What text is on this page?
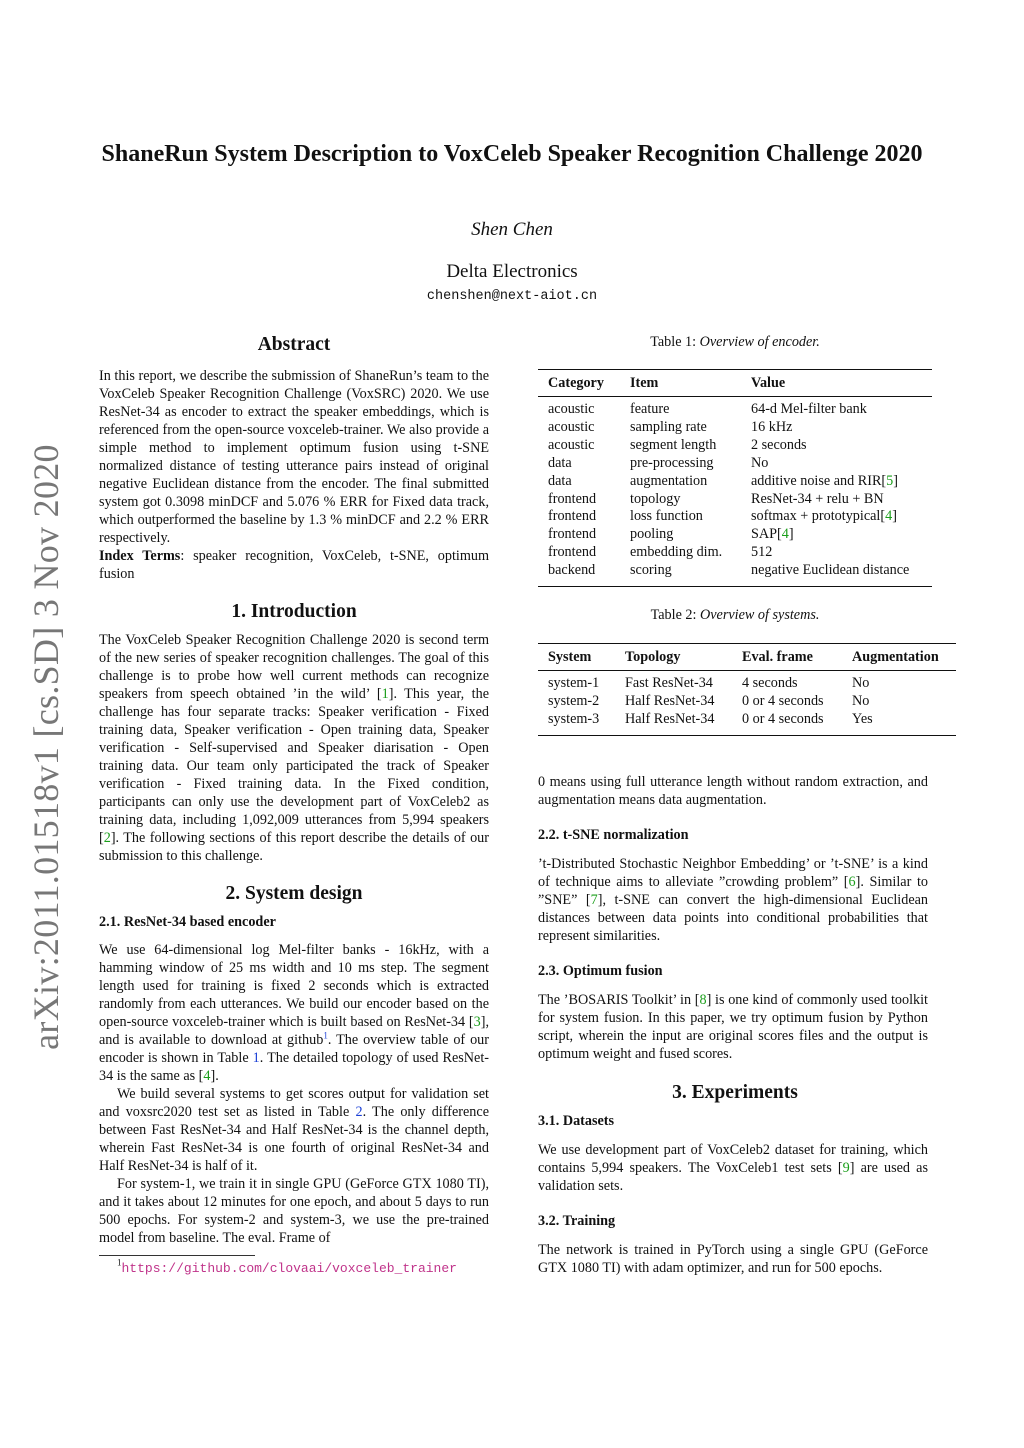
arXiv:2011.01518v1 [cs.SD] 3 Nov 2020
ShaneRun System Description to VoxCeleb Speaker Recognition Challenge 2020
Shen Chen
Delta Electronics
chenshen@next-aiot.cn
Abstract

In this report, we describe the submission of ShaneRun’s team to the VoxCeleb Speaker Recognition Challenge (VoxSRC) 2020. We use ResNet-34 as encoder to extract the speaker embeddings, which is referenced from the open-source voxceleb-trainer. We also provide a simple method to implement optimum fusion using t-SNE normalized distance of testing utterance pairs instead of original negative Euclidean distance from the encoder. The final submitted system got 0.3098 minDCF and 5.076 % ERR for Fixed data track, which outperformed the baseline by 1.3 % minDCF and 2.2 % ERR respectively.

Index Terms: speaker recognition, VoxCeleb, t-SNE, optimum fusion

1. Introduction

The VoxCeleb Speaker Recognition Challenge 2020 is second term of the new series of speaker recognition challenges. The goal of this challenge is to probe how well current methods can recognize speakers from speech obtained ’in the wild’ [1]. This year, the challenge has four separate tracks: Speaker verification - Fixed training data, Speaker verification - Open training data, Speaker verification - Self-supervised and Speaker diarisation - Open training data. Our team only participated the track of Speaker verification - Fixed training data. In the Fixed condition, participants can only use the development part of VoxCeleb2 as training data, including 1,092,009 utterances from 5,994 speakers [2]. The following sections of this report describe the details of our submission to this challenge.

2. System design
2.1. ResNet-34 based encoder

We use 64-dimensional log Mel-filter banks - 16kHz, with a hamming window of 25 ms width and 10 ms step. The segment length used for training is fixed 2 seconds which is extracted randomly from each utterances. We build our encoder based on the open-source voxceleb-trainer which is built based on ResNet-34 [3], and is available to download at github$^1$. The overview table of our encoder is shown in Table 1. The detailed topology of used ResNet-34 is the same as [4].

We build several systems to get scores output for validation set and voxsrc2020 test set as listed in Table 2. The only difference between Fast ResNet-34 and Half ResNet-34 is the channel depth, wherein Fast ResNet-34 is one fourth of original ResNet-34 and Half ResNet-34 is half of it.

For system-1, we train it in single GPU (GeForce GTX 1080 TI), and it takes about 12 minutes for one epoch, and about 5 days to run 500 epochs. For system-2 and system-3, we use the pre-trained model from baseline. The eval. Frame of

$^1$https://github.com/clovaai/voxceleb_trainer
Table 1: Overview of encoder.
Category	Item	Value
acoustic	feature	64-d Mel-filter bank
acoustic	sampling rate	16 kHz
acoustic	segment length	2 seconds
data	pre-processing	No
data	augmentation	additive noise and RIR[5]
frontend	topology	ResNet-34 + relu + BN
frontend	loss function	softmax + prototypical[4]
frontend	pooling	SAP[4]
frontend	embedding dim.	512
backend	scoring	negative Euclidean distance
Table 2: Overview of systems.
System	Topology	Eval. frame	Augmentation
system-1	Fast ResNet-34	4 seconds	No
system-2	Half ResNet-34	0 or 4 seconds	No
system-3	Half ResNet-34	0 or 4 seconds	Yes
0 means using full utterance length without random extraction, and augmentation means data augmentation.
2.2. t-SNE normalization

’t-Distributed Stochastic Neighbor Embedding’ or ’t-SNE’ is a kind of technique aims to alleviate ”crowding problem” [6]. Similar to ”SNE” [7], t-SNE can convert the high-dimensional Euclidean distances between data points into conditional probabilities that represent similarities.

2.3. Optimum fusion

The ’BOSARIS Toolkit’ in [8] is one kind of commonly used toolkit for system fusion. In this paper, we try optimum fusion by Python script, wherein the input are original scores files and the output is optimum weight and fused scores.

3. Experiments
3.1. Datasets

We use development part of VoxCeleb2 dataset for training, which contains 5,994 speakers. The VoxCeleb1 test sets [9] are used as validation sets.

3.2. Training
The network is trained in PyTorch using a single GPU (GeForce GTX 1080 TI) with adam optimizer, and run for 500 epochs.
